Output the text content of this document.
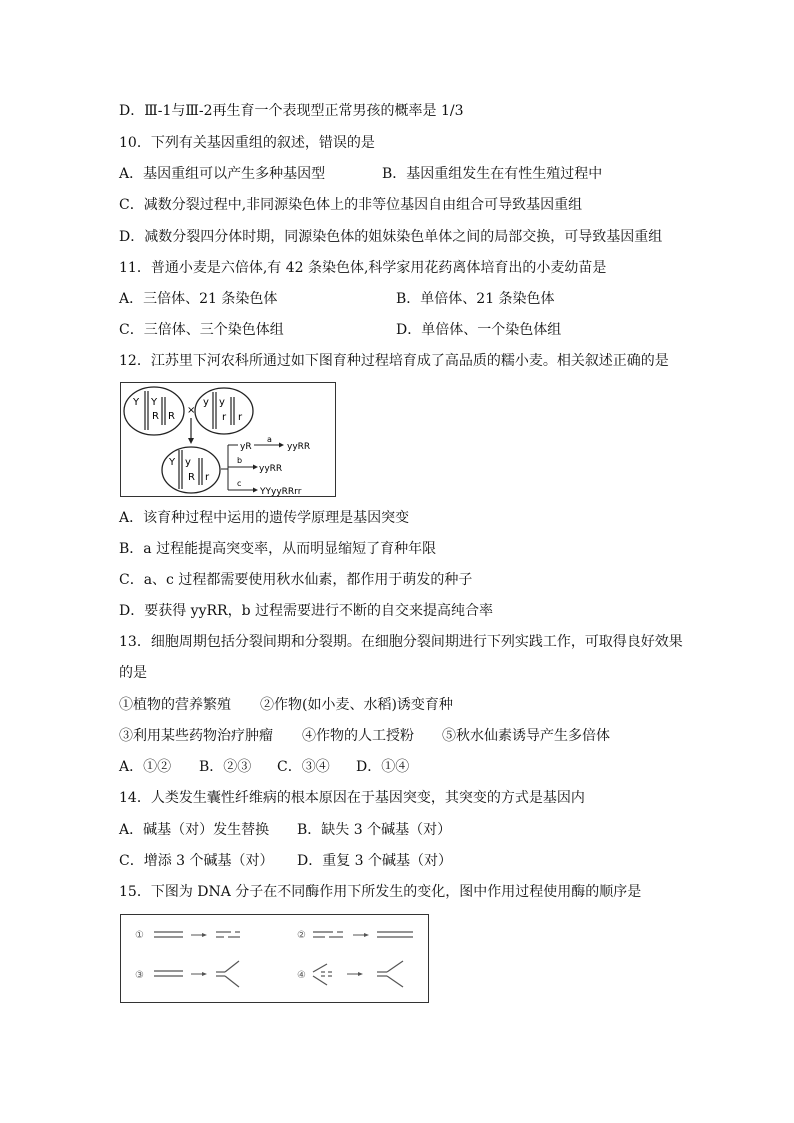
D．Ⅲ-1与Ⅲ-2再生育一个表现型正常男孩的概率是 1/3
10．下列有关基因重组的叙述，错误的是
A．基因重组可以产生多种基因型	B．基因重组发生在有性生殖过程中
C．减数分裂过程中,非同源染色体上的非等位基因自由组合可导致基因重组
D．减数分裂四分体时期，同源染色体的姐妹染色单体之间的局部交换，可导致基因重组
11．普通小麦是六倍体,有 42 条染色体,科学家用花药离体培育出的小麦幼苗是
A．三倍体、21 条染色体	B．单倍体、21 条染色体
C．三倍体、三个染色体组	D．单倍体、一个染色体组
12．江苏里下河农科所通过如下图育种过程培育成了高品质的糯小麦。相关叙述正确的是
Y Y
R R
y y
r r
×
Y y
R r
yR
a
yyRR
b
yyRR
c
YYyyRRrr
A．该育种过程中运用的遗传学原理是基因突变
B．a 过程能提高突变率，从而明显缩短了育种年限
C．a、c 过程都需要使用秋水仙素，都作用于萌发的种子
D．要获得 yyRR，b 过程需要进行不断的自交来提高纯合率
13．细胞周期包括分裂间期和分裂期。在细胞分裂间期进行下列实践工作，可取得良好效果
的是
①植物的营养繁殖 ②作物(如小麦、水稻)诱变育种
③利用某些药物治疗肿瘤 ④作物的人工授粉 ⑤秋水仙素诱导产生多倍体
A．①② B．②③ C．③④ D．①④
14．人类发生囊性纤维病的根本原因在于基因突变，其突变的方式是基因内
A．碱基（对）发生替换 B．缺失 3 个碱基（对）
C．增添 3 个碱基（对） D．重复 3 个碱基（对）
15．下图为 DNA 分子在不同酶作用下所发生的变化，图中作用过程使用酶的顺序是
①	②
③	④
